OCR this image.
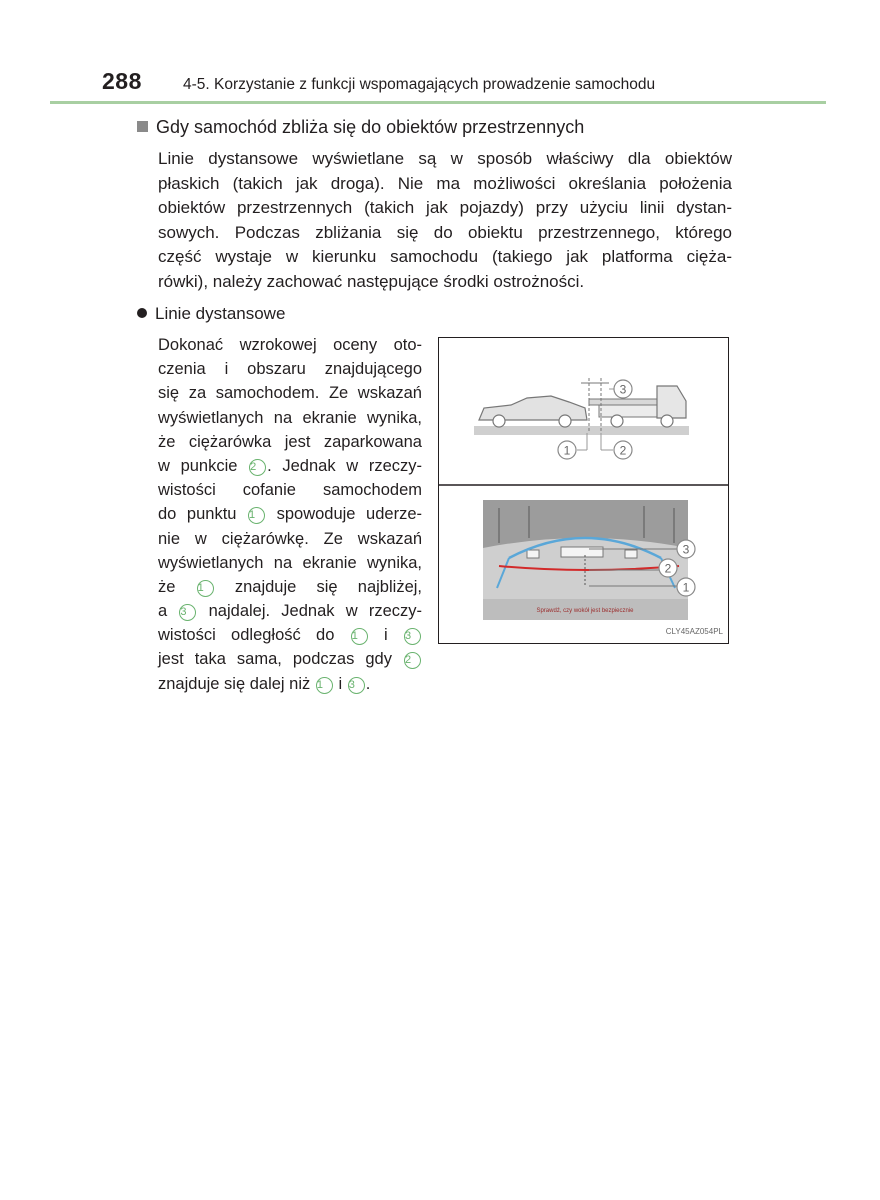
288	4-5. Korzystanie z funkcji wspomagających prowadzenie samochodu
Gdy samochód zbliża się do obiektów przestrzennych
Linie dystansowe wyświetlane są w sposób właściwy dla obiektów
płaskich (takich jak droga). Nie ma możliwości określania położenia
obiektów przestrzennych (takich jak pojazdy) przy użyciu linii dystan-
sowych. Podczas zbliżania się do obiektu przestrzennego, którego
część wystaje w kierunku samochodu (takiego jak platforma cięża-
rówki), należy zachować następujące środki ostrożności.
Linie dystansowe
Dokonać wzrokowej oceny oto-
czenia i obszaru znajdującego
się za samochodem. Ze wskazań
wyświetlanych na ekranie wynika,
że ciężarówka jest zaparkowana
w punkcie 2 . Jednak w rzeczy-
wistości cofanie samochodem
do punktu 1 spowoduje uderze-
nie w ciężarówkę. Ze wskazań
wyświetlanych na ekranie wynika,
że 1 znajduje się najbliżej,
a 3 najdalej. Jednak w rzeczy-
wistości odległość do 1 i 3
jest taka sama, podczas gdy 2
znajduje się dalej niż 1 i 3 .
3
1	2
Sprawdź, czy wokół jest bezpiecznie
3
2
1
CLY45AZ054PL
